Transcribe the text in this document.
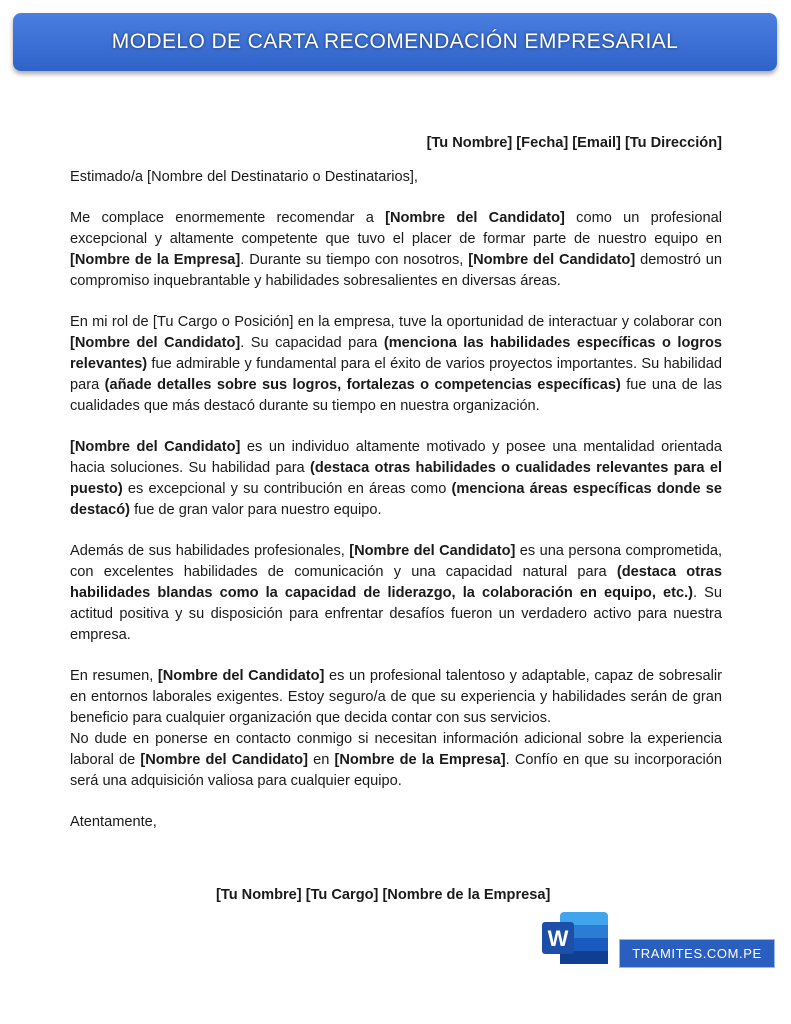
MODELO DE CARTA RECOMENDACIÓN EMPRESARIAL

[Tu Nombre] [Fecha] [Email] [Tu Dirección]

Estimado/a [Nombre del Destinatario o Destinatarios],

Me complace enormemente recomendar a [Nombre del Candidato] como un profesional excepcional y altamente competente que tuvo el placer de formar parte de nuestro equipo en [Nombre de la Empresa]. Durante su tiempo con nosotros, [Nombre del Candidato] demostró un compromiso inquebrantable y habilidades sobresalientes en diversas áreas.

En mi rol de [Tu Cargo o Posición] en la empresa, tuve la oportunidad de interactuar y colaborar con [Nombre del Candidato]. Su capacidad para (menciona las habilidades específicas o logros relevantes) fue admirable y fundamental para el éxito de varios proyectos importantes. Su habilidad para (añade detalles sobre sus logros, fortalezas o competencias específicas) fue una de las cualidades que más destacó durante su tiempo en nuestra organización.

[Nombre del Candidato] es un individuo altamente motivado y posee una mentalidad orientada hacia soluciones. Su habilidad para (destaca otras habilidades o cualidades relevantes para el puesto) es excepcional y su contribución en áreas como (menciona áreas específicas donde se destacó) fue de gran valor para nuestro equipo.

Además de sus habilidades profesionales, [Nombre del Candidato] es una persona comprometida, con excelentes habilidades de comunicación y una capacidad natural para (destaca otras habilidades blandas como la capacidad de liderazgo, la colaboración en equipo, etc.). Su actitud positiva y su disposición para enfrentar desafíos fueron un verdadero activo para nuestra empresa.

En resumen, [Nombre del Candidato] es un profesional talentoso y adaptable, capaz de sobresalir en entornos laborales exigentes. Estoy seguro/a de que su experiencia y habilidades serán de gran beneficio para cualquier organización que decida contar con sus servicios.

No dude en ponerse en contacto conmigo si necesitan información adicional sobre la experiencia laboral de [Nombre del Candidato] en [Nombre de la Empresa]. Confío en que su incorporación será una adquisición valiosa para cualquier equipo.

Atentamente,

[Tu Nombre] [Tu Cargo] [Nombre de la Empresa]
W
TRAMITES.COM.PE
